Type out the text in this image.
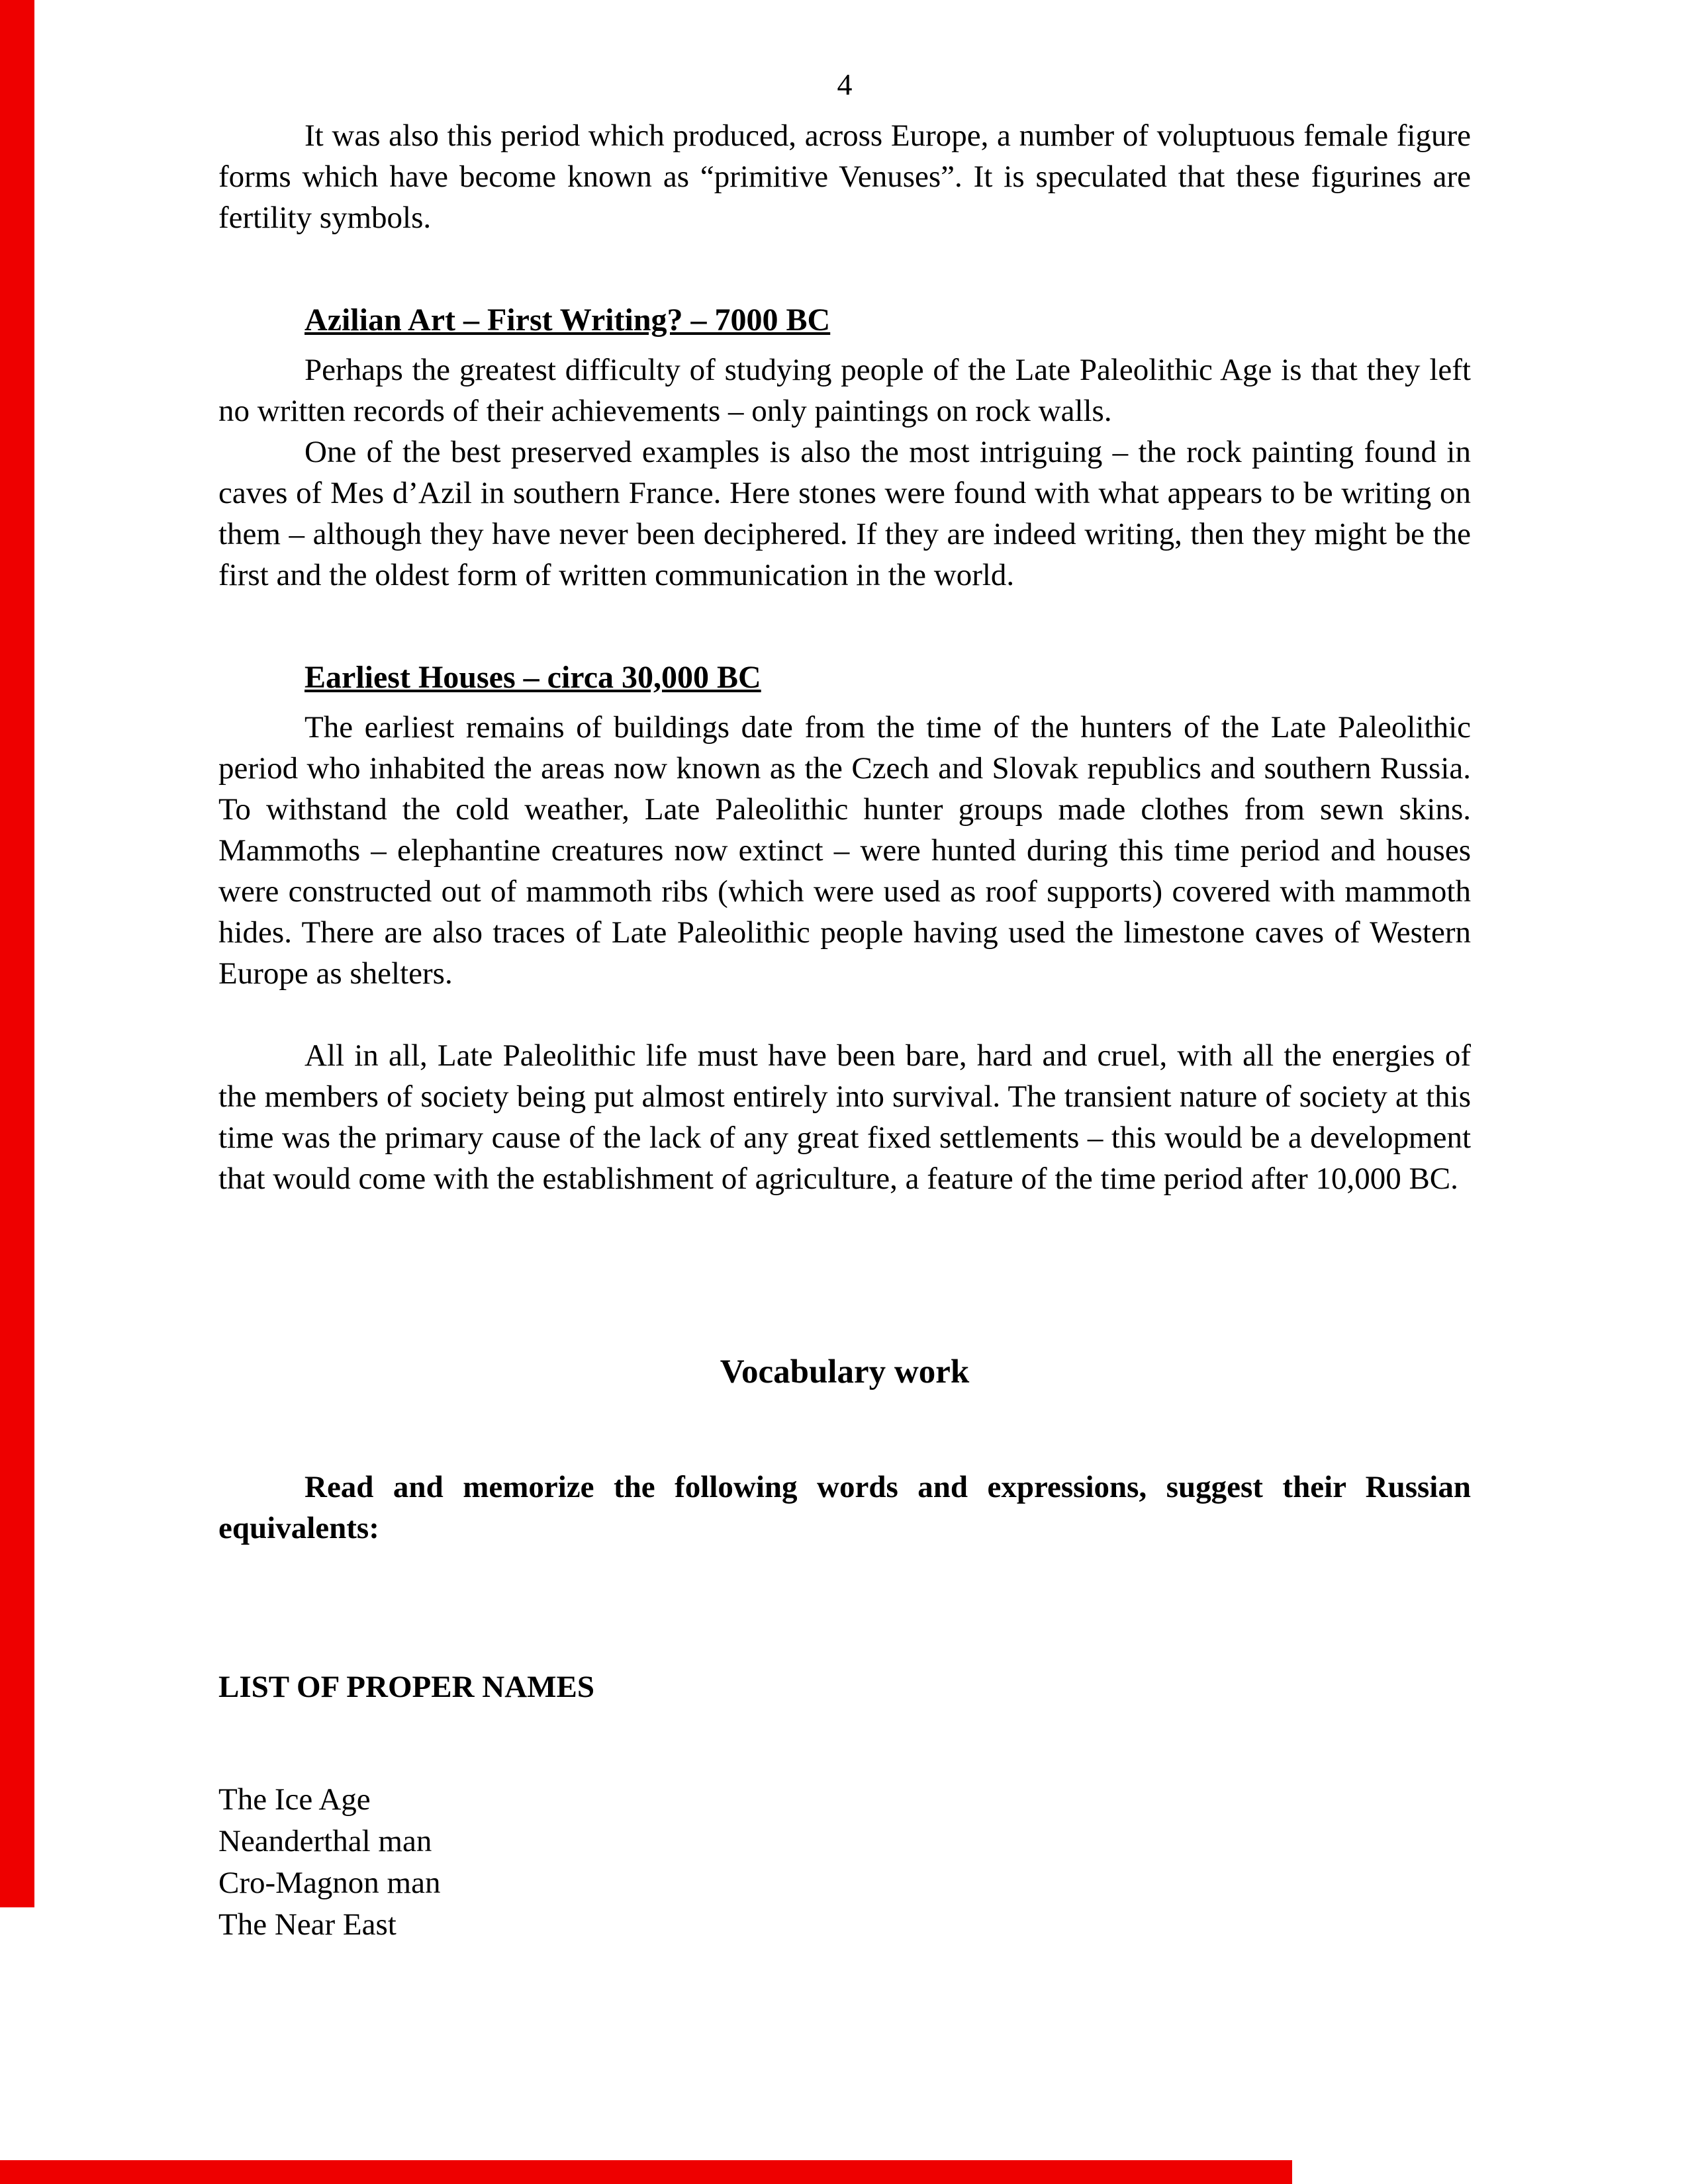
4

It was also this period which produced, across Europe, a number of voluptuous female figure forms which have become known as “primitive Venuses”. It is speculated that these figurines are fertility symbols.

Azilian Art – First Writing? – 7000 BC

Perhaps the greatest difficulty of studying people of the Late Paleolithic Age is that they left no written records of their achievements – only paintings on rock walls.

One of the best preserved examples is also the most intriguing – the rock painting found in caves of Mes d’Azil in southern France. Here stones were found with what appears to be writing on them – although they have never been deciphered. If they are indeed writing, then they might be the first and the oldest form of written communication in the world.

Earliest Houses – circa 30,000 BC

The earliest remains of buildings date from the time of the hunters of the Late Paleolithic period who inhabited the areas now known as the Czech and Slovak republics and southern Russia. To withstand the cold weather, Late Paleolithic hunter groups made clothes from sewn skins. Mammoths – elephantine creatures now extinct – were hunted during this time period and houses were constructed out of mammoth ribs (which were used as roof supports) covered with mammoth hides. There are also traces of Late Paleolithic people having used the limestone caves of Western Europe as shelters.

All in all, Late Paleolithic life must have been bare, hard and cruel, with all the energies of the members of society being put almost entirely into survival. The transient nature of society at this time was the primary cause of the lack of any great fixed settlements – this would be a development that would come with the establishment of agriculture, a feature of the time period after 10,000 BC.

Vocabulary work

Read and memorize the following words and expressions, suggest their Russian equivalents:

LIST OF PROPER NAMES
The Ice Age
Neanderthal man
Cro-Magnon man
The Near East
